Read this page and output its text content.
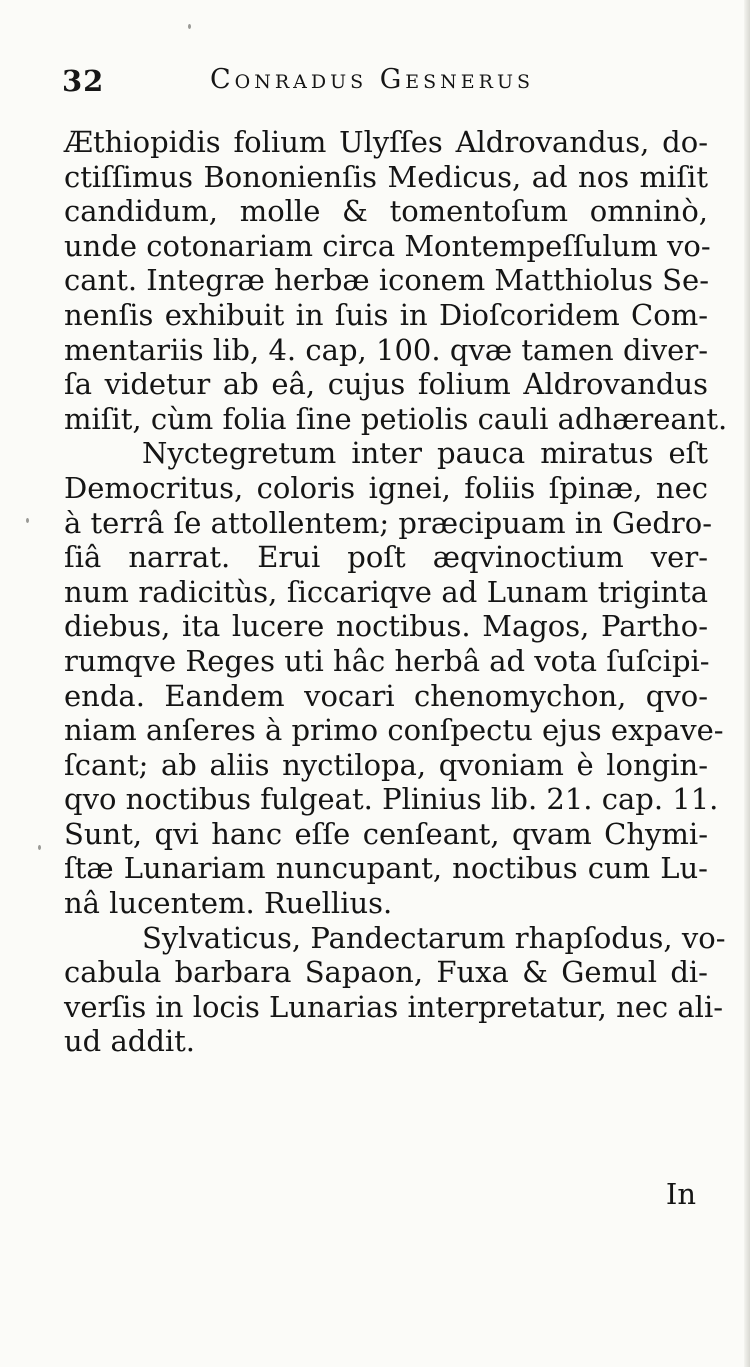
32	Conradus Gesnerus
Æthiopidis folium Ulyſſes Aldrovandus, do-
ctiſſimus Bononienſis Medicus, ad nos miſit
candidum, molle & tomentoſum omninò,
unde cotonariam circa Montempeſſulum vo-
cant. Integræ herbæ iconem Matthiolus Se-
nenſis exhibuit in ſuis in Dioſcoridem Com-
mentariis lib, 4. cap, 100. qvæ tamen diver-
ſa videtur ab eâ, cujus folium Aldrovandus
miſit, cùm folia ſine petiolis cauli adhæreant.
Nyctegretum inter pauca miratus eſt
Democritus, coloris ignei, foliis ſpinæ, nec
à terrâ ſe attollentem; præcipuam in Gedro-
ſiâ narrat. Erui poſt æqvinoctium ver-
num radicitùs, ſiccariqve ad Lunam triginta
diebus, ita lucere noctibus. Magos, Partho-
rumqve Reges uti hâc herbâ ad vota ſuſcipi-
enda. Eandem vocari chenomychon, qvo-
niam anſeres à primo conſpectu ejus expave-
ſcant; ab aliis nyctilopa, qvoniam è longin-
qvo noctibus fulgeat. Plinius lib. 21. cap. 11.
Sunt, qvi hanc eſſe cenſeant, qvam Chymi-
ſtæ Lunariam nuncupant, noctibus cum Lu-
nâ lucentem. Ruellius.
Sylvaticus, Pandectarum rhapſodus, vo-
cabula barbara Sapaon, Fuxa & Gemul di-
verſis in locis Lunarias interpretatur, nec ali-
ud addit.
In
